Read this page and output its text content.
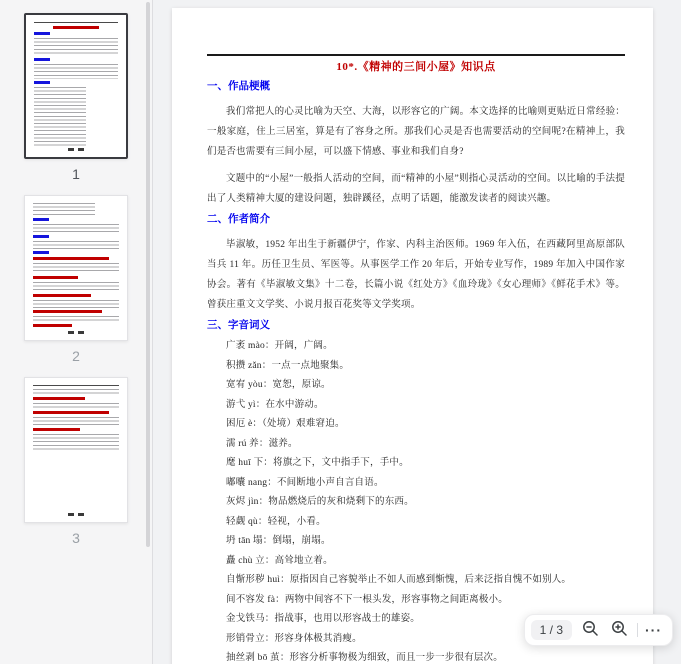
1
2
3
10*.《精神的三间小屋》知识点
一、作品梗概
我们常把人的心灵比喻为天空、大海，以形容它的广阔。本文选择的比喻则更贴近日常经验：一般家庭，住上三居室，算是有了容身之所。那我们心灵是否也需要活动的空间呢?在精神上，我们是否也需要有三间小屋，可以盛下情感、事业和我们自身?
文题中的“小屋”一般指人活动的空间，而“精神的小屋”则指心灵活动的空间。以比喻的手法提出了人类精神大厦的建设问题，独辟蹊径，点明了话题，能激发读者的阅读兴趣。
二、作者简介
毕淑敏，1952 年出生于新疆伊宁，作家、内科主治医师。1969 年入伍，在西藏阿里高原部队当兵 11 年。历任卫生员、军医等。从事医学工作 20 年后，开始专业写作，1989 年加入中国作家协会。著有《毕淑敏文集》十二卷，长篇小说《红处方》《血玲珑》《女心理师》《鲜花手术》等。曾获庄重文文学奖、小说月报百花奖等文学奖项。
三、字音词义
广袤 mào：开阔，广阔。
积攒 zǎn：一点一点地聚集。
宽宥 yòu：宽恕，原谅。
游弋 yì：在水中游动。
困厄 è：（处境）艰难窘迫。
濡 rú 养：滋养。
麾 huī 下：将旗之下，文中指手下，手中。
嘟囔 nang：不间断地小声自言自语。
灰烬 jìn：物品燃烧后的灰和烧剩下的东西。
轻觑 qù：轻视，小看。
坍 tān 塌：倒塌，崩塌。
矗 chù 立：高耸地立着。
自惭形秽 huì：原指因自己容貌举止不如人而感到惭愧，后来泛指自愧不如别人。
间不容发 fà：两物中间容不下一根头发，形容事物之间距离极小。
金戈铁马：指战事，也用以形容战士的雄姿。
形销骨立：形容身体极其消瘦。
抽丝剥 bō 茧：形容分析事物极为细致，而且一步一步很有层次。
1 / 3	···
